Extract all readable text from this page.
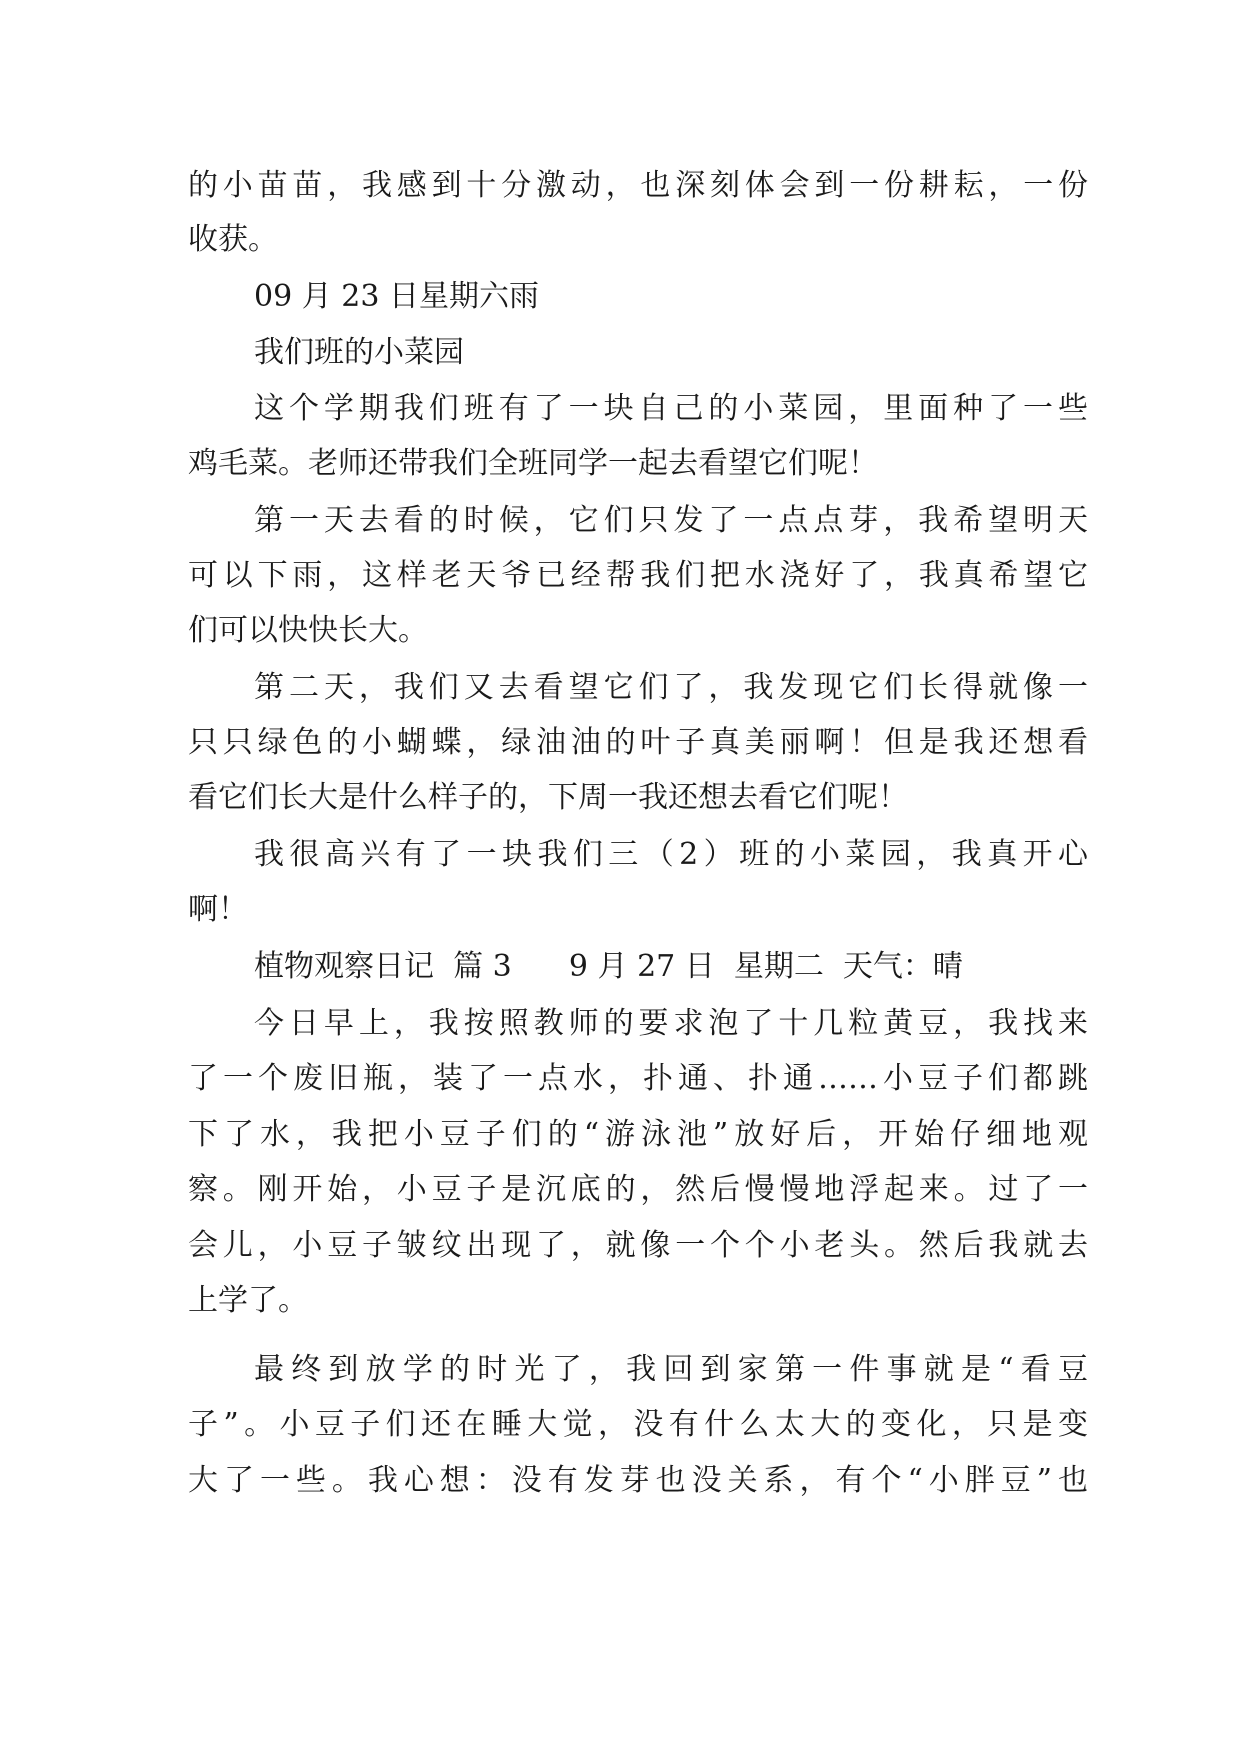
的小苗苗，我感到十分激动，也深刻体会到一份耕耘，一份
收获。
09 月 23 日星期六雨
我们班的小菜园
这个学期我们班有了一块自己的小菜园，里面种了一些
鸡毛菜。老师还带我们全班同学一起去看望它们呢！
第一天去看的时候，它们只发了一点点芽，我希望明天
可以下雨，这样老天爷已经帮我们把水浇好了，我真希望它
们可以快快长大。
第二天，我们又去看望它们了，我发现它们长得就像一
只只绿色的小蝴蝶，绿油油的叶子真美丽啊！但是我还想看
看它们长大是什么样子的，下周一我还想去看它们呢！
我很高兴有了一块我们三（2）班的小菜园，我真开心
啊！
植物观察日记  篇 3      9 月 27 日  星期二  天气：晴
今日早上，我按照教师的要求泡了十几粒黄豆，我找来
了一个废旧瓶，装了一点水，扑通、扑通……小豆子们都跳
下了水，我把小豆子们的“游泳池”放好后，开始仔细地观
察。刚开始，小豆子是沉底的，然后慢慢地浮起来。过了一
会儿，小豆子皱纹出现了，就像一个个小老头。然后我就去
上学了。
最终到放学的时光了，我回到家第一件事就是“看豆
子”。小豆子们还在睡大觉，没有什么太大的变化，只是变
大了一些。我心想：没有发芽也没关系，有个“小胖豆”也
